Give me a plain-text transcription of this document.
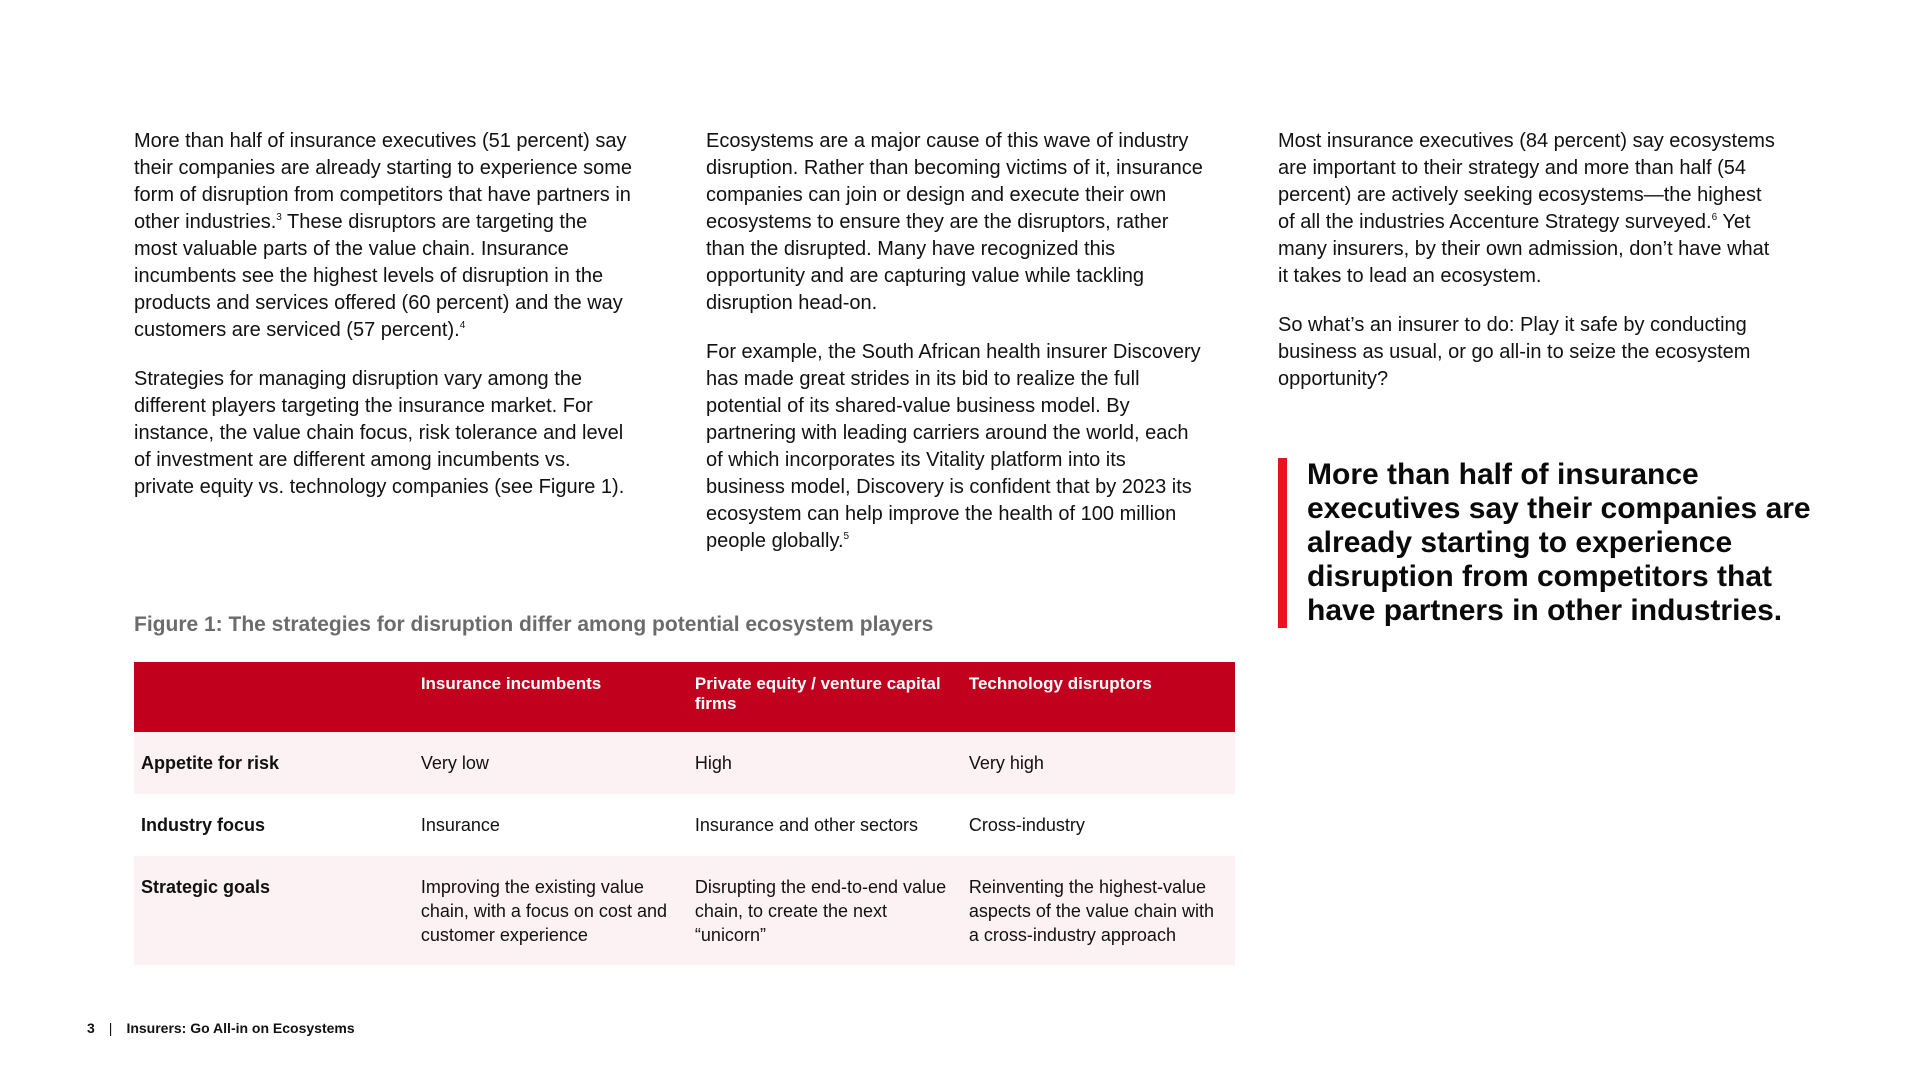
More than half of insurance executives (51 percent) say their companies are already starting to experience some form of disruption from competitors that have partners in other industries.$^3$ These disruptors are targeting the most valuable parts of the value chain. Insurance incumbents see the highest levels of disruption in the products and services offered (60 percent) and the way customers are serviced (57 percent).$^4$

Strategies for managing disruption vary among the different players targeting the insurance market. For instance, the value chain focus, risk tolerance and level of investment are different among incumbents vs. private equity vs. technology companies (see Figure 1).

Ecosystems are a major cause of this wave of industry disruption. Rather than becoming victims of it, insurance companies can join or design and execute their own ecosystems to ensure they are the disruptors, rather than the disrupted. Many have recognized this opportunity and are capturing value while tackling disruption head-on.

For example, the South African health insurer Discovery has made great strides in its bid to realize the full potential of its shared-value business model. By partnering with leading carriers around the world, each of which incorporates its Vitality platform into its business model, Discovery is confident that by 2023 its ecosystem can help improve the health of 100 million people globally.$^5$

Most insurance executives (84 percent) say ecosystems are important to their strategy and more than half (54 percent) are actively seeking ecosystems—the highest of all the industries Accenture Strategy surveyed.$^6$ Yet many insurers, by their own admission, don’t have what it takes to lead an ecosystem.

So what’s an insurer to do: Play it safe by conducting business as usual, or go all-in to seize the ecosystem opportunity?

More than half of insurance executives say their companies are already starting to experience disruption from competitors that have partners in other industries.
Figure 1: The strategies for disruption differ among potential ecosystem players
	Insurance incumbents	Private equity / venture capital firms	Technology disruptors
Appetite for risk	Very low	High	Very high
Industry focus	Insurance	Insurance and other sectors	Cross-industry
Strategic goals	Improving the existing value chain, with a focus on cost and customer experience	Disrupting the end-to-end value chain, to create the next “unicorn”	Reinventing the highest-value aspects of the value chain with a cross-industry approach
3 | Insurers: Go All-in on Ecosystems
